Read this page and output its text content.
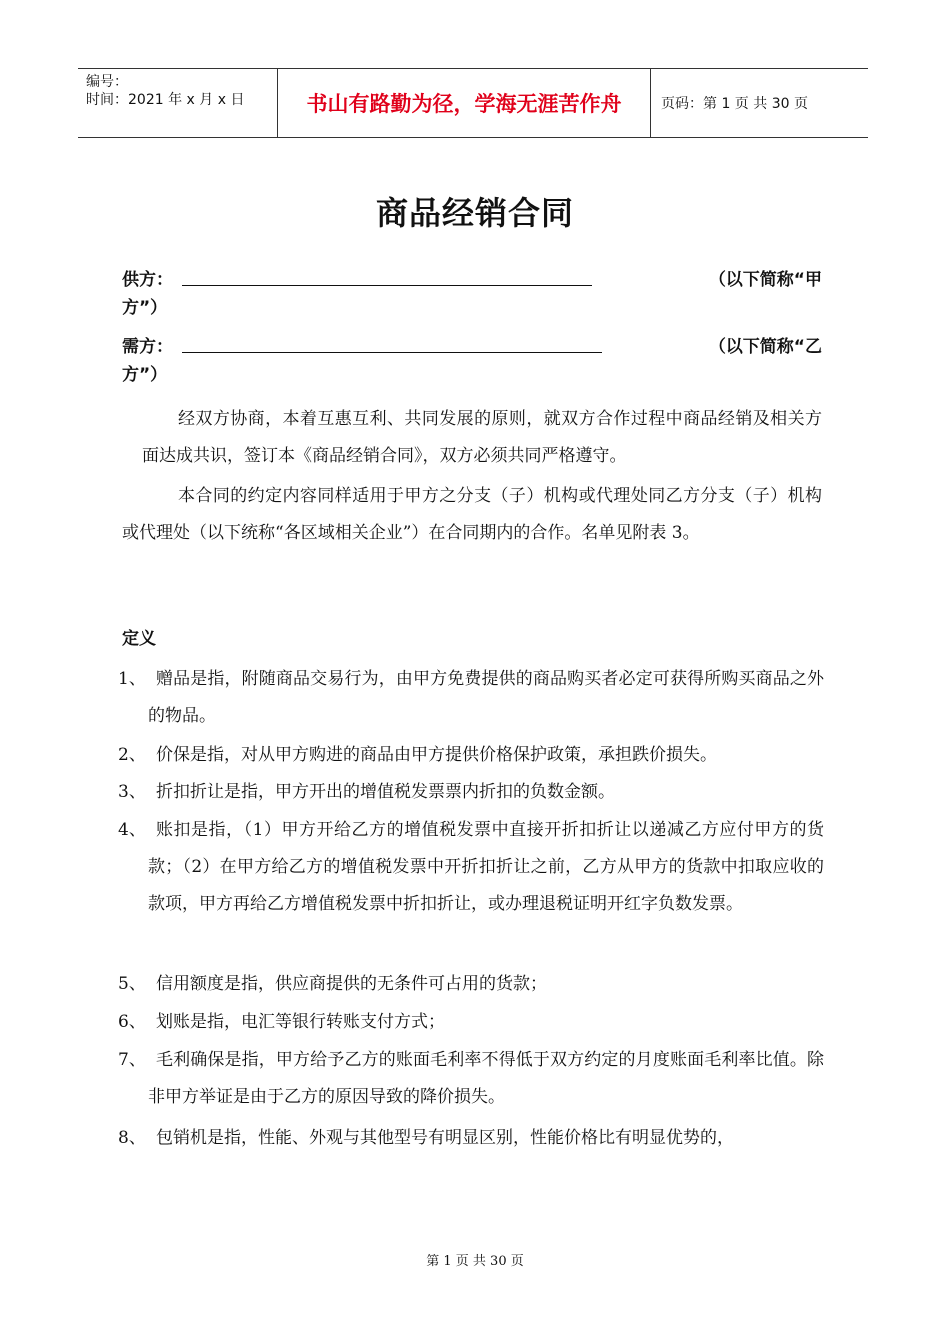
编号：
时间：2021 年 x 月 x 日	书山有路勤为径，学海无涯苦作舟	页码：第 1 页 共 30 页
商品经销合同
供方：	（以下简称“甲
方”）
需方：	（以下简称“乙
方”）
经双方协商，本着互惠互利、共同发展的原则，就双方合作过程中商品经销及相关方面达成共识，签订本《商品经销合同》，双方必须共同严格遵守。
本合同的约定内容同样适用于甲方之分支（子）机构或代理处同乙方分支（子）机构或代理处（以下统称“各区域相关企业”）在合同期内的合作。名单见附表 3。
定义
1、 赠品是指，附随商品交易行为，由甲方免费提供的商品购买者必定可获得所购买商品之外的物品。
2、 价保是指，对从甲方购进的商品由甲方提供价格保护政策，承担跌价损失。
3、 折扣折让是指，甲方开出的增值税发票票内折扣的负数金额。
4、 账扣是指，（1）甲方开给乙方的增值税发票中直接开折扣折让以递减乙方应付甲方的货款；（2）在甲方给乙方的增值税发票中开折扣折让之前，乙方从甲方的货款中扣取应收的款项，甲方再给乙方增值税发票中折扣折让，或办理退税证明开红字负数发票。
5、 信用额度是指，供应商提供的无条件可占用的货款；
6、 划账是指，电汇等银行转账支付方式；
7、 毛利确保是指，甲方给予乙方的账面毛利率不得低于双方约定的月度账面毛利率比值。除非甲方举证是由于乙方的原因导致的降价损失。
8、 包销机是指，性能、外观与其他型号有明显区别，性能价格比有明显优势的，
第 1 页 共 30 页
